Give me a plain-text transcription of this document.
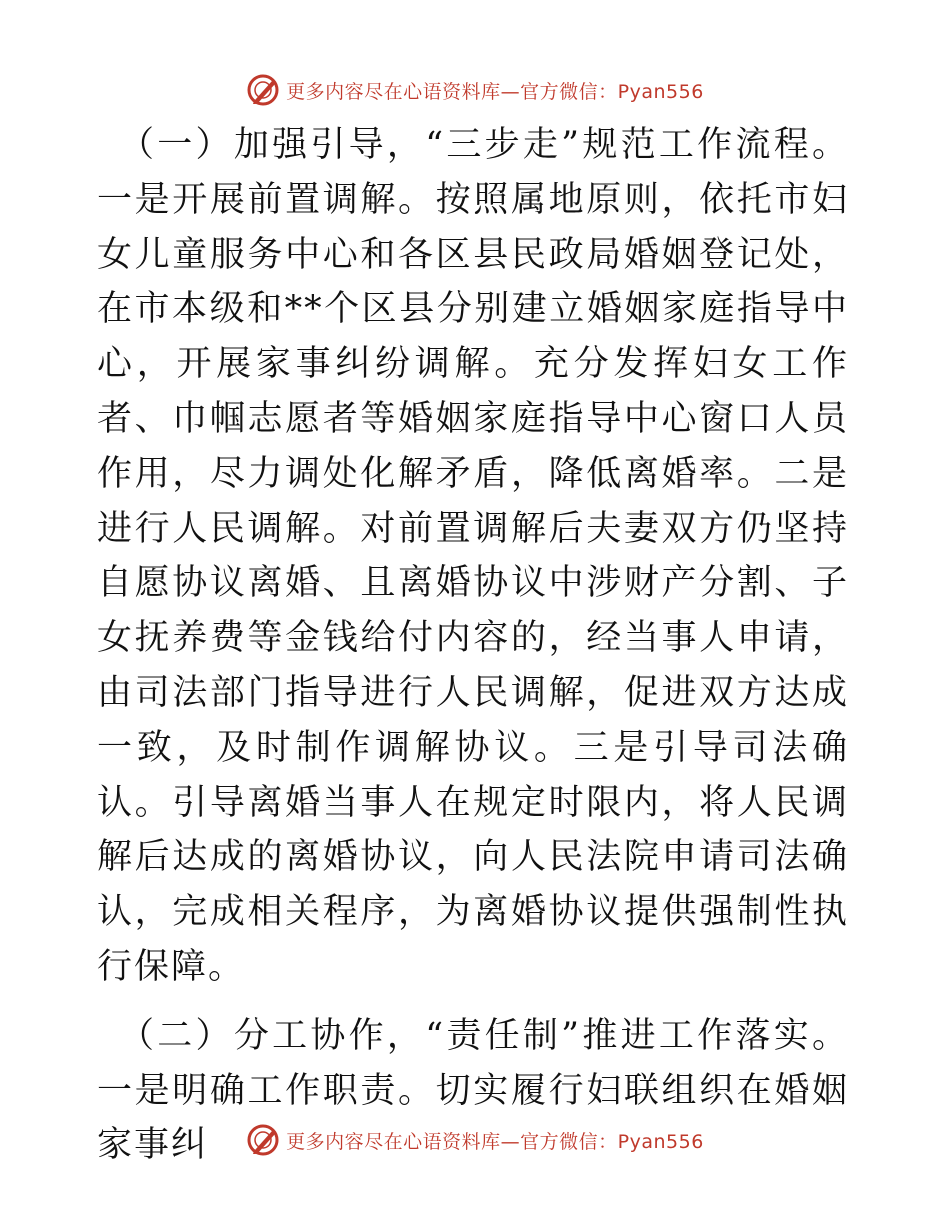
更多内容尽在心语资料库—官方微信：Pyan556

（一）加强引导，“三步走”规范工作流程。一是开展前置调解。按照属地原则，依托市妇女儿童服务中心和各区县民政局婚姻登记处，在市本级和**个区县分别建立婚姻家庭指导中心，开展家事纠纷调解。充分发挥妇女工作者、巾帼志愿者等婚姻家庭指导中心窗口人员作用，尽力调处化解矛盾，降低离婚率。二是进行人民调解。对前置调解后夫妻双方仍坚持自愿协议离婚、且离婚协议中涉财产分割、子女抚养费等金钱给付内容的，经当事人申请，由司法部门指导进行人民调解，促进双方达成一致，及时制作调解协议。三是引导司法确认。引导离婚当事人在规定时限内，将人民调解后达成的离婚协议，向人民法院申请司法确认，完成相关程序，为离婚协议提供强制性执行保障。

（二）分工协作，“责任制”推进工作落实。一是明确工作职责。切实履行妇联组织在婚姻家事纠	更多内容尽在心语资料库—官方微信：Pyan556
